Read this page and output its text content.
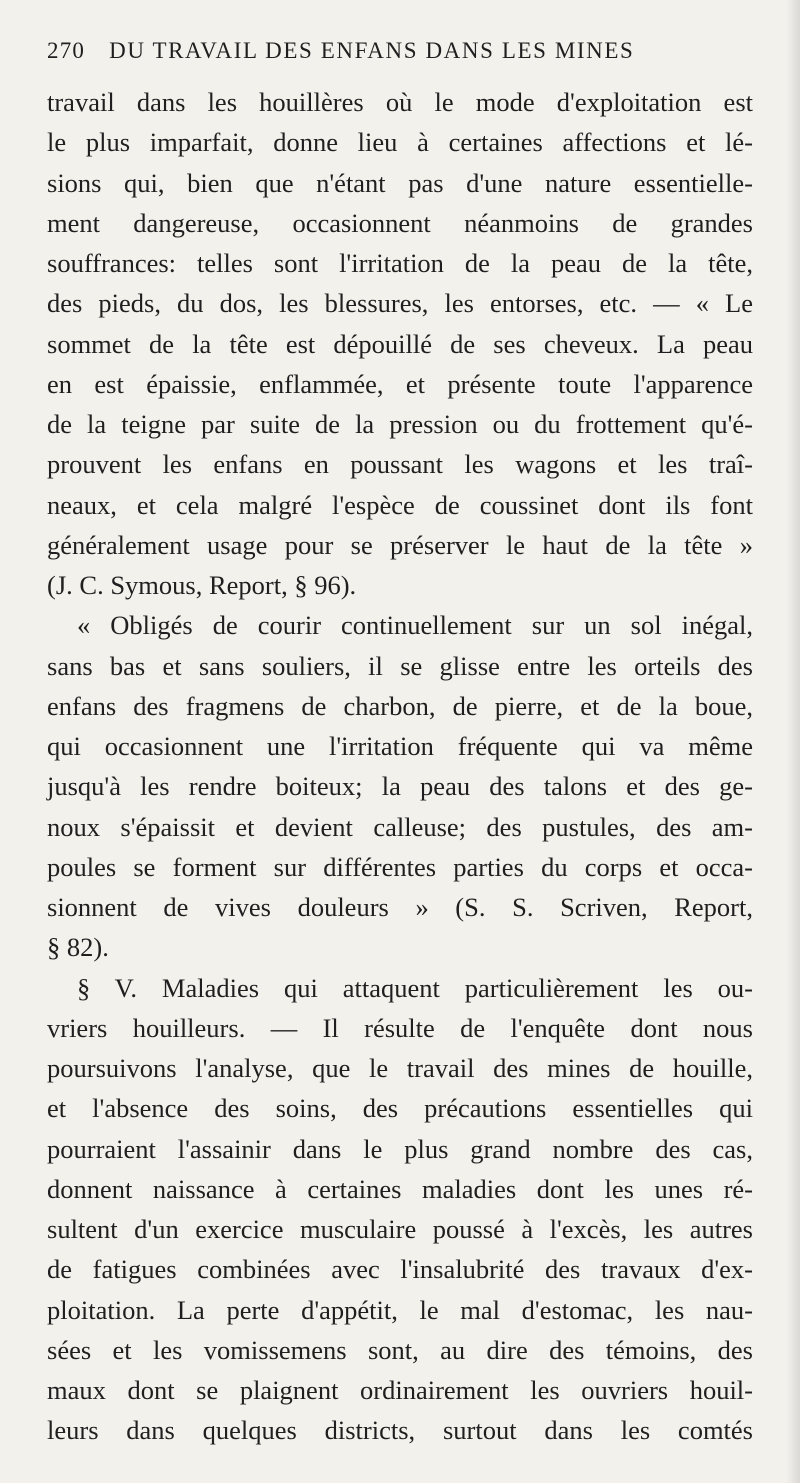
270 DU TRAVAIL DES ENFANS DANS LES MINES
travail dans les houillères où le mode d'exploitation est
le plus imparfait, donne lieu à certaines affections et lé-
sions qui, bien que n'étant pas d'une nature essentielle-
ment dangereuse, occasionnent néanmoins de grandes
souffrances: telles sont l'irritation de la peau de la tête,
des pieds, du dos, les blessures, les entorses, etc. — « Le
sommet de la tête est dépouillé de ses cheveux. La peau
en est épaissie, enflammée, et présente toute l'apparence
de la teigne par suite de la pression ou du frottement qu'é-
prouvent les enfans en poussant les wagons et les traî-
neaux, et cela malgré l'espèce de coussinet dont ils font
généralement usage pour se préserver le haut de la tête »
(J. C. Symous, Report, § 96).
« Obligés de courir continuellement sur un sol inégal,
sans bas et sans souliers, il se glisse entre les orteils des
enfans des fragmens de charbon, de pierre, et de la boue,
qui occasionnent une l'irritation fréquente qui va même
jusqu'à les rendre boiteux; la peau des talons et des ge-
noux s'épaissit et devient calleuse; des pustules, des am-
poules se forment sur différentes parties du corps et occa-
sionnent de vives douleurs » (S. S. Scriven, Report,
§ 82).
§ V. Maladies qui attaquent particulièrement les ou-
vriers houilleurs. — Il résulte de l'enquête dont nous
poursuivons l'analyse, que le travail des mines de houille,
et l'absence des soins, des précautions essentielles qui
pourraient l'assainir dans le plus grand nombre des cas,
donnent naissance à certaines maladies dont les unes ré-
sultent d'un exercice musculaire poussé à l'excès, les autres
de fatigues combinées avec l'insalubrité des travaux d'ex-
ploitation. La perte d'appétit, le mal d'estomac, les nau-
sées et les vomissemens sont, au dire des témoins, des
maux dont se plaignent ordinairement les ouvriers houil-
leurs dans quelques districts, surtout dans les comtés
